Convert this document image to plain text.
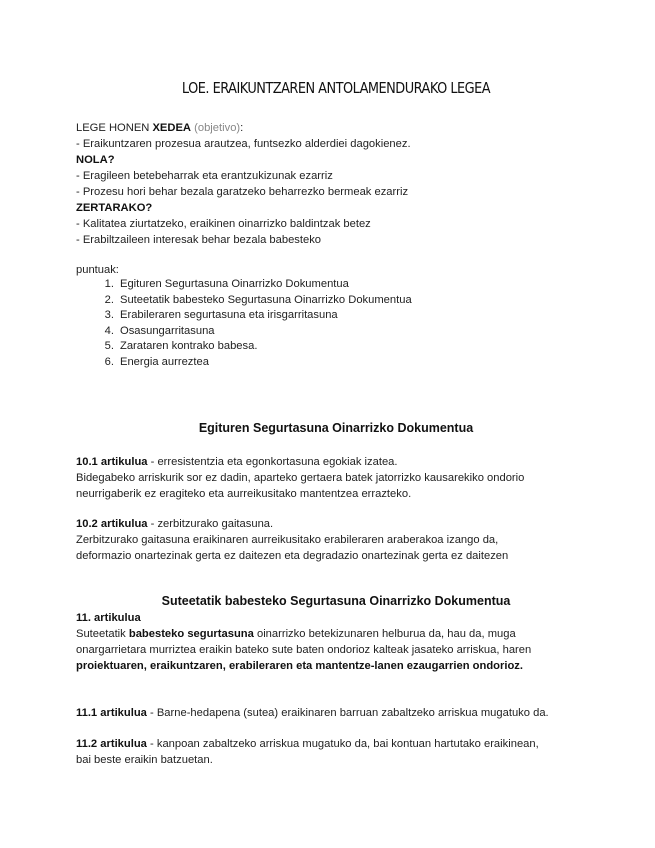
LOE. ERAIKUNTZAREN ANTOLAMENDURAKO LEGEA
LEGE HONEN XEDEA (objetivo):
- Eraikuntzaren prozesua arautzea, funtsezko alderdiei dagokienez.
NOLA?
- Eragileen betebeharrak eta erantzukizunak ezarriz
- Prozesu hori behar bezala garatzeko beharrezko bermeak ezarriz
ZERTARAKO?
- Kalitatea ziurtatzeko, eraikinen oinarrizko baldintzak betez
- Erabiltzaileen interesak behar bezala babesteko
puntuak:
1. Egituren Segurtasuna Oinarrizko Dokumentua
2. Suteetatik babesteko Segurtasuna Oinarrizko Dokumentua
3. Erabileraren segurtasuna eta irisgarritasuna
4. Osasungarritasuna
5. Zarataren kontrako babesa.
6. Energia aurreztea
Egituren Segurtasuna Oinarrizko Dokumentua
10.1 artikulua - erresistentzia eta egonkortasuna egokiak izatea.
Bidegabeko arriskurik sor ez dadin, aparteko gertaera batek jatorrizko kausarekiko ondorio
neurrigaberik ez eragiteko eta aurreikusitako mantentzea errazteko.
10.2 artikulua - zerbitzurako gaitasuna.
Zerbitzurako gaitasuna eraikinaren aurreikusitako erabileraren araberakoa izango da,
deformazio onartezinak gerta ez daitezen eta degradazio onartezinak gerta ez daitezen
Suteetatik babesteko Segurtasuna Oinarrizko Dokumentua
11. artikulua
Suteetatik babesteko segurtasuna oinarrizko betekizunaren helburua da, hau da, muga
onargarrietara murriztea eraikin bateko sute baten ondorioz kalteak jasateko arriskua, haren
proiektuaren, eraikuntzaren, erabileraren eta mantentze-lanen ezaugarrien ondorioz.
11.1 artikulua - Barne-hedapena (sutea) eraikinaren barruan zabaltzeko arriskua mugatuko da.
11.2 artikulua - kanpoan zabaltzeko arriskua mugatuko da, bai kontuan hartutako eraikinean,
bai beste eraikin batzuetan.
